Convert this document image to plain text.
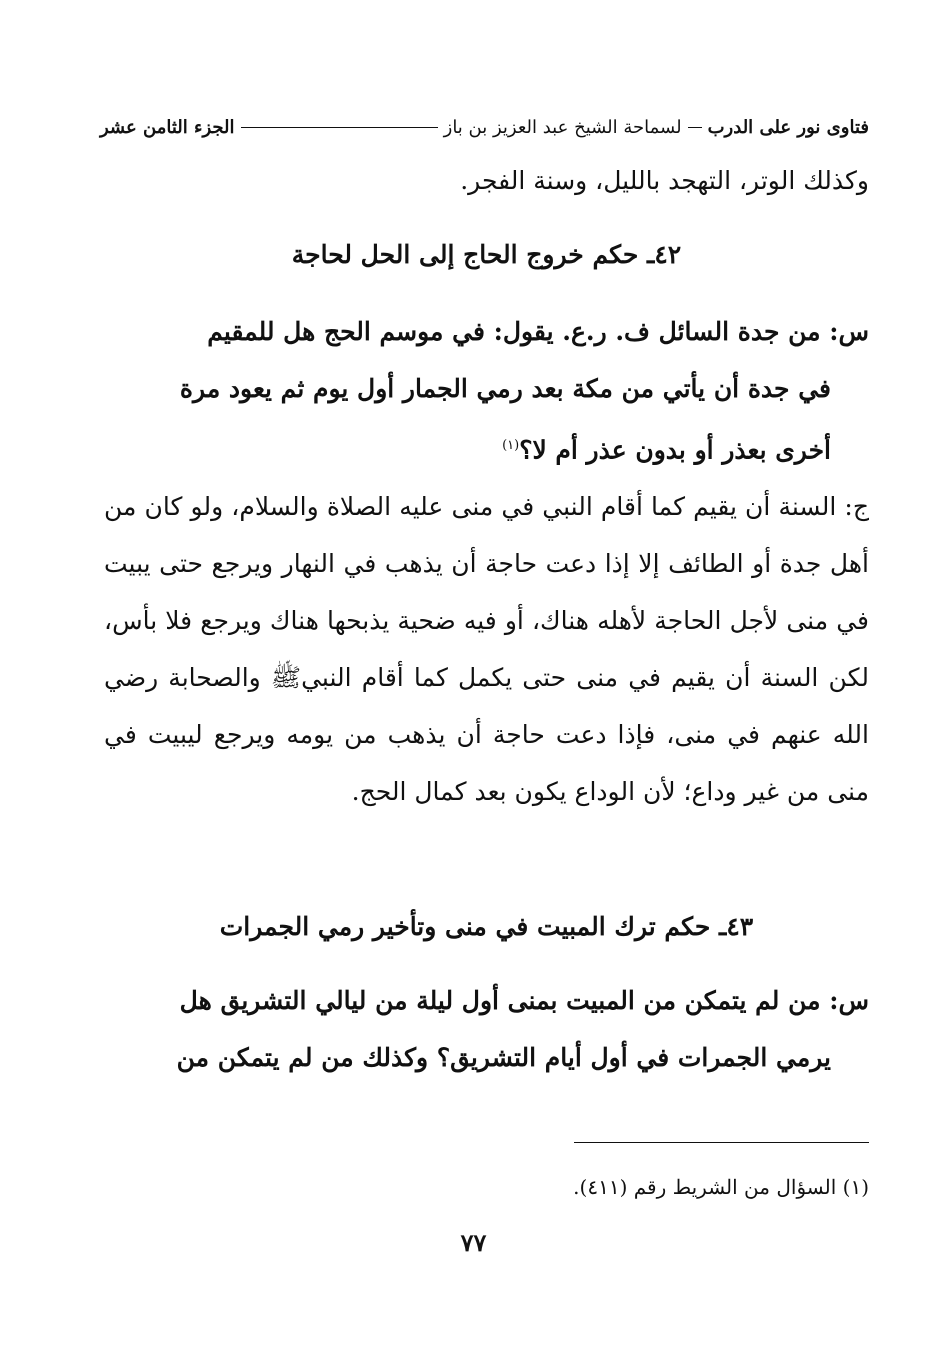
فتاوى نور على الدرب
لسماحة الشيخ عبد العزيز بن باز
الجزء الثامن عشر
وكذلك الوتر، التهجد بالليل، وسنة الفجر.
٤٢ـ حكم خروج الحاج إلى الحل لحاجة
س: من جدة السائل ف. ر.ع. يقول: في موسم الحج هل للمقيم
في جدة أن يأتي من مكة بعد رمي الجمار أول يوم ثم يعود مرة
أخرى بعذر أو بدون عذر أم لا؟$^{(١)}$
ج: السنة أن يقيم كما أقام النبي في منى عليه الصلاة والسلام، ولو كان من أهل جدة أو الطائف إلا إذا دعت حاجة أن يذهب في النهار ويرجع حتى يبيت في منى لأجل الحاجة لأهله هناك، أو فيه ضحية يذبحها هناك ويرجع فلا بأس، لكن السنة أن يقيم في منى حتى يكمل كما أقام النبيﷺ والصحابة رضي الله عنهم في منى، فإذا دعت حاجة أن يذهب من يومه ويرجع ليبيت في منى من غير وداع؛ لأن الوداع يكون بعد كمال الحج.
٤٣ـ حكم ترك المبيت في منى وتأخير رمي الجمرات
س: من لم يتمكن من المبيت بمنى أول ليلة من ليالي التشريق هل
يرمي الجمرات في أول أيام التشريق؟ وكذلك من لم يتمكن من
(١) السؤال من الشريط رقم (٤١١).
٧٧
